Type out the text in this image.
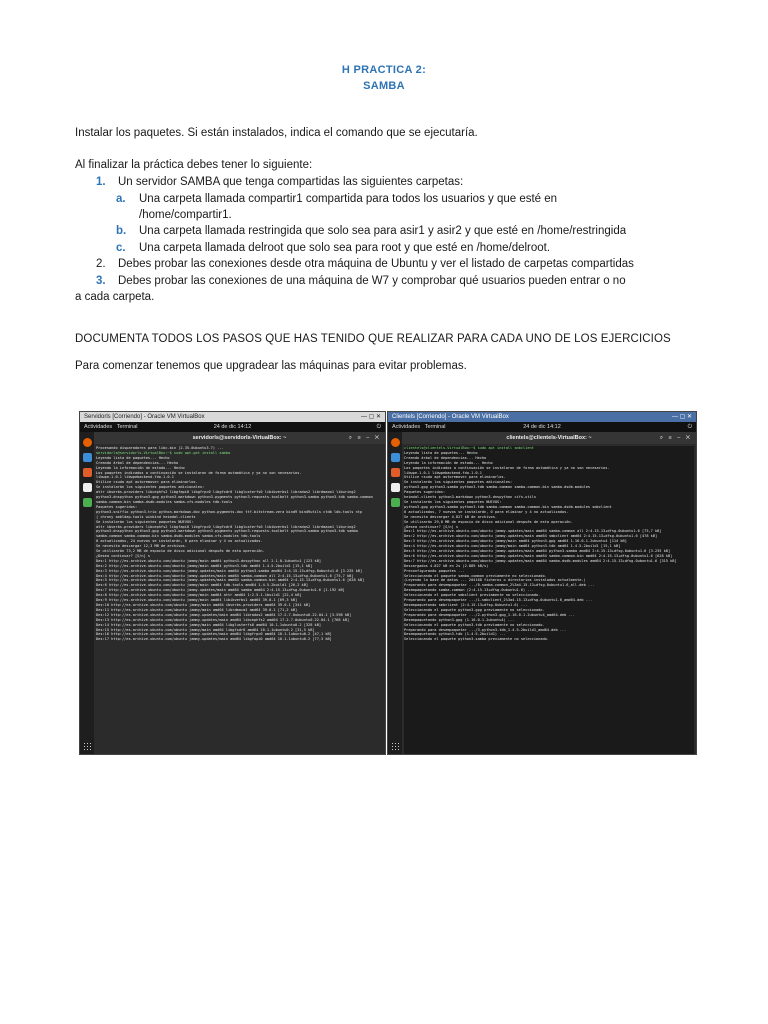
H PRACTICA 2:
SAMBA
Instalar los paquetes. Si están instalados, indica el comando que se ejecutaría.
Al finalizar la práctica debes tener lo siguiente:
1. Un servidor SAMBA que tenga compartidas las siguientes carpetas:
a. Una carpeta llamada compartir1 compartida para todos los usuarios y que esté en
/home/compartir1.
b. Una carpeta llamada restringida que solo sea para asir1 y asir2 y que esté en /home/restringida
c. Una carpeta llamada delroot que solo sea para root y que esté en /home/delroot.
2. Debes probar las conexiones desde otra máquina de Ubuntu y ver el listado de carpetas compartidas
3. Debes probar las conexiones de una máquina de W7 y comprobar qué usuarios pueden entrar o no
a cada carpeta.
DOCUMENTA TODOS LOS PASOS QUE HAS TENIDO QUE REALIZAR PARA CADA UNO DE LOS EJERCICIOS
Para comenzar tenemos que upgradear las máquinas para evitar problemas.
Servidorls [Corriendo] - Oracle VM VirtualBox	— ▢ ✕
Actividades Terminal	24 de dic 14:12	⏻
servidorls@servidorls-VirtualBox: ~	⌕ ≡ – ✕
Procesando disparadores para libc-bin (2.35-0ubuntu3.7) ...
servidorls@servidorls-VirtualBox:~$ sudo apt-get install samba
Leyendo lista de paquetes... Hecho
Creando árbol de dependencias... Hecho
Leyendo la información de estado... Hecho
Los paquetes indicados a continuación se instalaron de forma automática y ya no son necesarios.
libwpe-1.0-1 libwpebackend-fdo-1.0-1
Utilice «sudo apt autoremove» para eliminarlos.
Se instalarán los siguientes paquetes adicionales:
attr ibverbs-providers libcephfs2 libgfapi0 libgfrpc0 libgfxdr0 libglusterfs0 libibverbs1 librados2 librdmacm1 liburing2
python3-dnspython python3-gpg python3-markdown python3-pygments python3-requests-toolbelt python3-samba python3-tdb samba-common
samba-common-bin samba-dsdb-modules samba-vfs-modules tdb-tools
Paquetes sugeridos:
python3-sniffio python3-trio python-markdown-doc python-pygments-doc ttf-bitstream-vera bind9 bind9utils ctdb ldb-tools ntp
| chrony smbldap-tools winbind heimdal-clients
Se instalarán los siguientes paquetes NUEVOS:
attr ibverbs-providers libcephfs2 libgfapi0 libgfrpc0 libgfxdr0 libglusterfs0 libibverbs1 librados2 librdmacm1 liburing2
python3-dnspython python3-gpg python3-markdown python3-pygments python3-requests-toolbelt python3-samba python3-tdb samba
samba-common samba-common-bin samba-dsdb-modules samba-vfs-modules tdb-tools
0 actualizados, 24 nuevos se instalarán, 0 para eliminar y 4 no actualizados.
Se necesita descargar 12,3 MB de archivos.
Se utilizarán 73,2 MB de espacio de disco adicional después de esta operación.
¿Desea continuar? [S/n] s
Des:1 http://es.archive.ubuntu.com/ubuntu jammy/main amd64 python3-dnspython all 2.1.0-1ubuntu1 [123 kB]
Des:2 http://es.archive.ubuntu.com/ubuntu jammy/main amd64 python3-tdb amd64 1.4.5-2build1 [15,1 kB]
Des:3 http://es.archive.ubuntu.com/ubuntu jammy-updates/main amd64 python3-samba amd64 2:4.15.13+dfsg-0ubuntu1.6 [3.235 kB]
Des:4 http://es.archive.ubuntu.com/ubuntu jammy-updates/main amd64 samba-common all 2:4.15.13+dfsg-0ubuntu1.6 [75,7 kB]
Des:5 http://es.archive.ubuntu.com/ubuntu jammy-updates/main amd64 samba-common-bin amd64 2:4.15.13+dfsg-0ubuntu1.6 [628 kB]
Des:6 http://es.archive.ubuntu.com/ubuntu jammy/main amd64 tdb-tools amd64 1.4.5-2build1 [26,2 kB]
Des:7 http://es.archive.ubuntu.com/ubuntu jammy-updates/main amd64 samba amd64 2:4.15.13+dfsg-0ubuntu1.6 [1.192 kB]
Des:8 http://es.archive.ubuntu.com/ubuntu jammy/main amd64 attr amd64 1:2.5.1-1build1 [22,4 kB]
Des:9 http://es.archive.ubuntu.com/ubuntu jammy/main amd64 libibverbs1 amd64 39.0-1 [69,3 kB]
Des:10 http://es.archive.ubuntu.com/ubuntu jammy/main amd64 ibverbs-providers amd64 39.0-1 [341 kB]
Des:11 http://es.archive.ubuntu.com/ubuntu jammy/main amd64 librdmacm1 amd64 39.0-1 [71,2 kB]
Des:12 http://es.archive.ubuntu.com/ubuntu jammy-updates/main amd64 librados2 amd64 17.2.7-0ubuntu0.22.04.1 [3.598 kB]
Des:13 http://es.archive.ubuntu.com/ubuntu jammy-updates/main amd64 libcephfs2 amd64 17.2.7-0ubuntu0.22.04.1 [768 kB]
Des:14 http://es.archive.ubuntu.com/ubuntu jammy/main amd64 libglusterfs0 amd64 10.1-1ubuntu0.2 [328 kB]
Des:15 http://es.archive.ubuntu.com/ubuntu jammy/main amd64 libgfxdr0 amd64 10.1-1ubuntu0.2 [31,5 kB]
Des:16 http://es.archive.ubuntu.com/ubuntu jammy-updates/main amd64 libgfrpc0 amd64 10.1-1ubuntu0.2 [47,1 kB]
Des:17 http://es.archive.ubuntu.com/ubuntu jammy-updates/main amd64 libgfapi0 amd64 10.1-1ubuntu0.2 [77,3 kB]
Clientels [Corriendo] - Oracle VM VirtualBox	— ▢ ✕
Actividades Terminal	24 de dic 14:12	⏻
clientels@clientels-VirtualBox: ~	⌕ ≡ – ✕
clientels@clientels-VirtualBox:~$ sudo apt install smbclient
Leyendo lista de paquetes... Hecho
Creando árbol de dependencias... Hecho
Leyendo la información de estado... Hecho
Los paquetes indicados a continuación se instalaron de forma automática y ya no son necesarios.
libwpe-1.0-1 libwpebackend-fdo-1.0-1
Utilice «sudo apt autoremove» para eliminarlos.
Se instalarán los siguientes paquetes adicionales:
python3-gpg python3-samba python3-tdb samba-common samba-common-bin samba-dsdb-modules
Paquetes sugeridos:
heimdal-clients python3-markdown python3-dnspython cifs-utils
Se instalarán los siguientes paquetes NUEVOS:
python3-gpg python3-samba python3-tdb samba-common samba-common-bin samba-dsdb-modules smbclient
0 actualizados, 7 nuevos se instalarán, 0 para eliminar y 4 no actualizados.
Se necesita descargar 4.827 kB de archivos.
Se utilizarán 29,0 MB de espacio de disco adicional después de esta operación.
¿Desea continuar? [S/n] s
Des:1 http://es.archive.ubuntu.com/ubuntu jammy-updates/main amd64 samba-common all 2:4.15.13+dfsg-0ubuntu1.6 [75,7 kB]
Des:2 http://es.archive.ubuntu.com/ubuntu jammy-updates/main amd64 smbclient amd64 2:4.15.13+dfsg-0ubuntu1.6 [478 kB]
Des:3 http://es.archive.ubuntu.com/ubuntu jammy/main amd64 python3-gpg amd64 1.16.0-1.2ubuntu4 [114 kB]
Des:4 http://es.archive.ubuntu.com/ubuntu jammy/main amd64 python3-tdb amd64 1.4.5-2build1 [15,1 kB]
Des:5 http://es.archive.ubuntu.com/ubuntu jammy-updates/main amd64 python3-samba amd64 2:4.15.13+dfsg-0ubuntu1.6 [3.235 kB]
Des:6 http://es.archive.ubuntu.com/ubuntu jammy-updates/main amd64 samba-common-bin amd64 2:4.15.13+dfsg-0ubuntu1.6 [628 kB]
Des:7 http://es.archive.ubuntu.com/ubuntu jammy-updates/main amd64 samba-dsdb-modules amd64 2:4.15.13+dfsg-0ubuntu1.6 [315 kB]
Descargados 4.827 kB en 2s (2.889 kB/s)
Preconfigurando paquetes ...
Seleccionando el paquete samba-common previamente no seleccionado.
(Leyendo la base de datos ... 204168 ficheros o directorios instalados actualmente.)
Preparando para desempaquetar .../0-samba-common_2%3a4.15.13+dfsg-0ubuntu1.6_all.deb ...
Desempaquetando samba-common (2:4.15.13+dfsg-0ubuntu1.6) ...
Seleccionando el paquete smbclient previamente no seleccionado.
Preparando para desempaquetar .../1-smbclient_2%3a4.15.13+dfsg-0ubuntu1.6_amd64.deb ...
Desempaquetando smbclient (2:4.15.13+dfsg-0ubuntu1.6) ...
Seleccionando el paquete python3-gpg previamente no seleccionado.
Preparando para desempaquetar .../2-python3-gpg_1.16.0-1.2ubuntu4_amd64.deb ...
Desempaquetando python3-gpg (1.16.0-1.2ubuntu4) ...
Seleccionando el paquete python3-tdb previamente no seleccionado.
Preparando para desempaquetar .../3-python3-tdb_1.4.5-2build1_amd64.deb ...
Desempaquetando python3-tdb (1.4.5-2build1) ...
Seleccionando el paquete python3-samba previamente no seleccionado.
